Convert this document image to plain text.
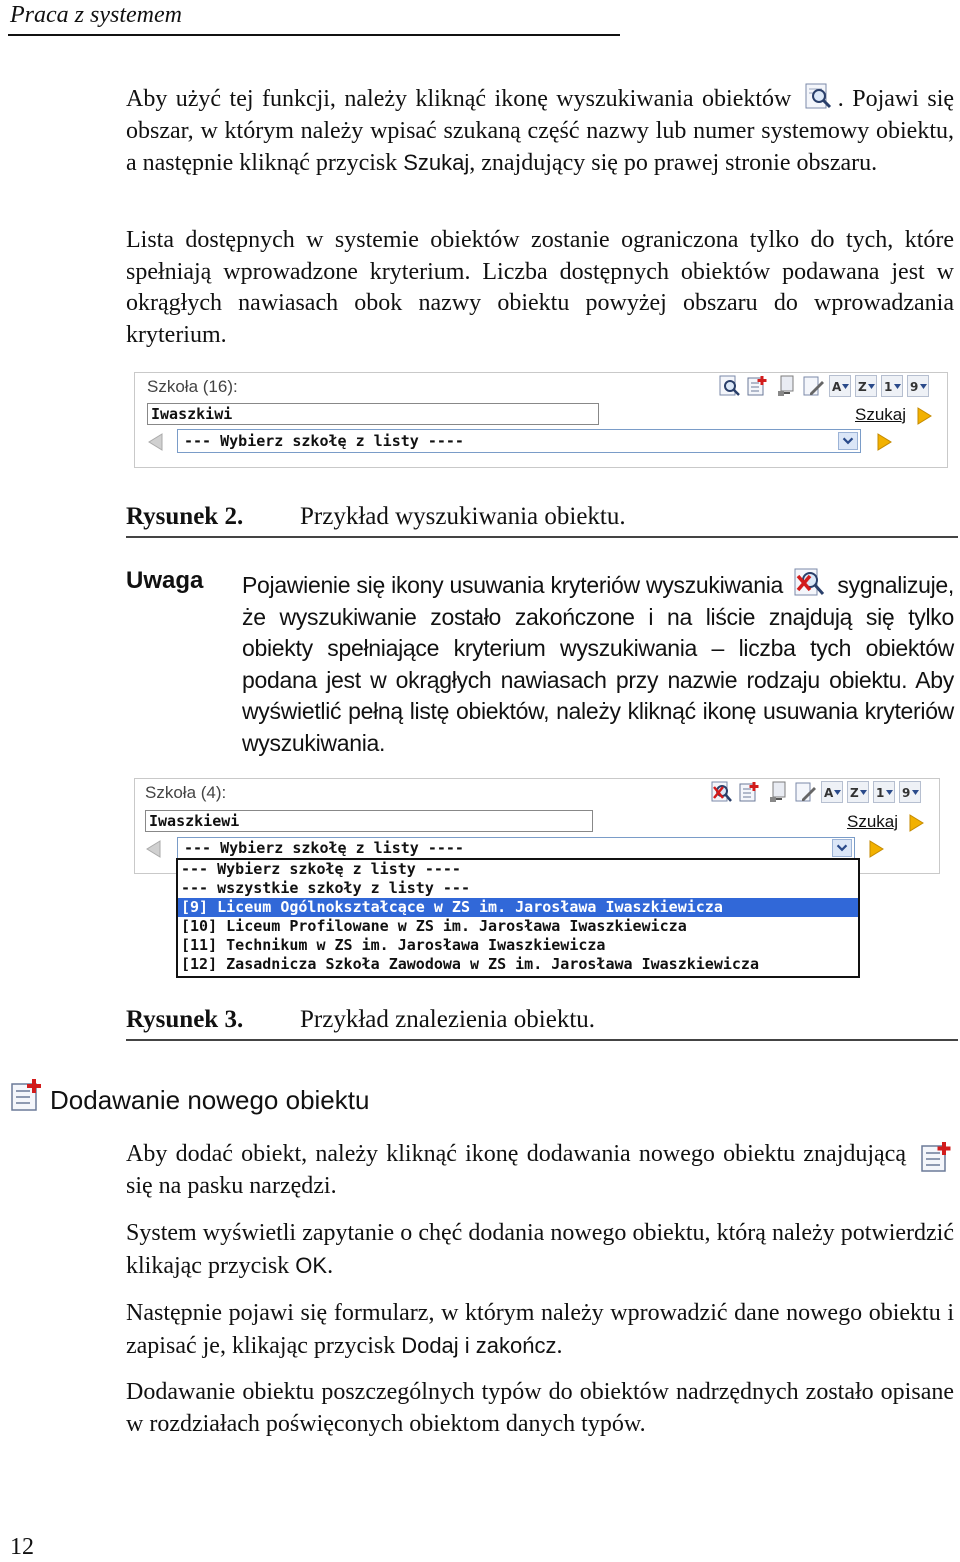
Praca z systemem
Aby użyć tej funkcji, należy kliknąć ikonę wyszukiwania obiektów . Pojawi się obszar, w którym należy wpisać szukaną część nazwy lub numer systemowy obiektu, a następnie kliknąć przycisk Szukaj, znajdujący się po prawej stronie obszaru.
Lista dostępnych w systemie obiektów zostanie ograniczona tylko do tych, które spełniają wprowadzone kryterium. Liczba dostępnych obiektów podawana jest w okrągłych nawiasach obok nazwy obiektu powyżej obszaru do wprowadzania kryterium.
Szkoła (16):	A Z 1 9
Iwaszkiwi	Szukaj
--- Wybierz szkołę z listy ----
Rysunek 2. Przykład wyszukiwania obiektu.
Uwaga Pojawienie się ikony usuwania kryteriów wyszukiwania  sygnalizuje, że wyszukiwanie zostało zakończone i na liście znajdują się tylko obiekty spełniające kryterium wyszukiwania – liczba tych obiektów podana jest w okrągłych nawiasach przy nazwie rodzaju obiektu. Aby wyświetlić pełną listę obiektów, należy kliknąć ikonę usuwania kryteriów wyszukiwania.
Szkoła (4):	A Z 1 9
Iwaszkiewi	Szukaj
--- Wybierz szkołę z listy ----
--- Wybierz szkołę z listy ----
--- wszystkie szkoły z listy ---
[9] Liceum Ogólnokształcące w ZS im. Jarosława Iwaszkiewicza
[10] Liceum Profilowane w ZS im. Jarosława Iwaszkiewicza
[11] Technikum w ZS im. Jarosława Iwaszkiewicza
[12] Zasadnicza Szkoła Zawodowa w ZS im. Jarosława Iwaszkiewicza
Rysunek 3. Przykład znalezienia obiektu.
Dodawanie nowego obiektu
Aby dodać obiekt, należy kliknąć ikonę dodawania nowego obiektu znajdującą się na pasku narzędzi.
System wyświetli zapytanie o chęć dodania nowego obiektu, którą należy potwierdzić klikając przycisk OK.
Następnie pojawi się formularz, w którym należy wprowadzić dane nowego obiektu i zapisać je, klikając przycisk Dodaj i zakończ.
Dodawanie obiektu poszczególnych typów do obiektów nadrzędnych zostało opisane w rozdziałach poświęconych obiektom danych typów.
12
